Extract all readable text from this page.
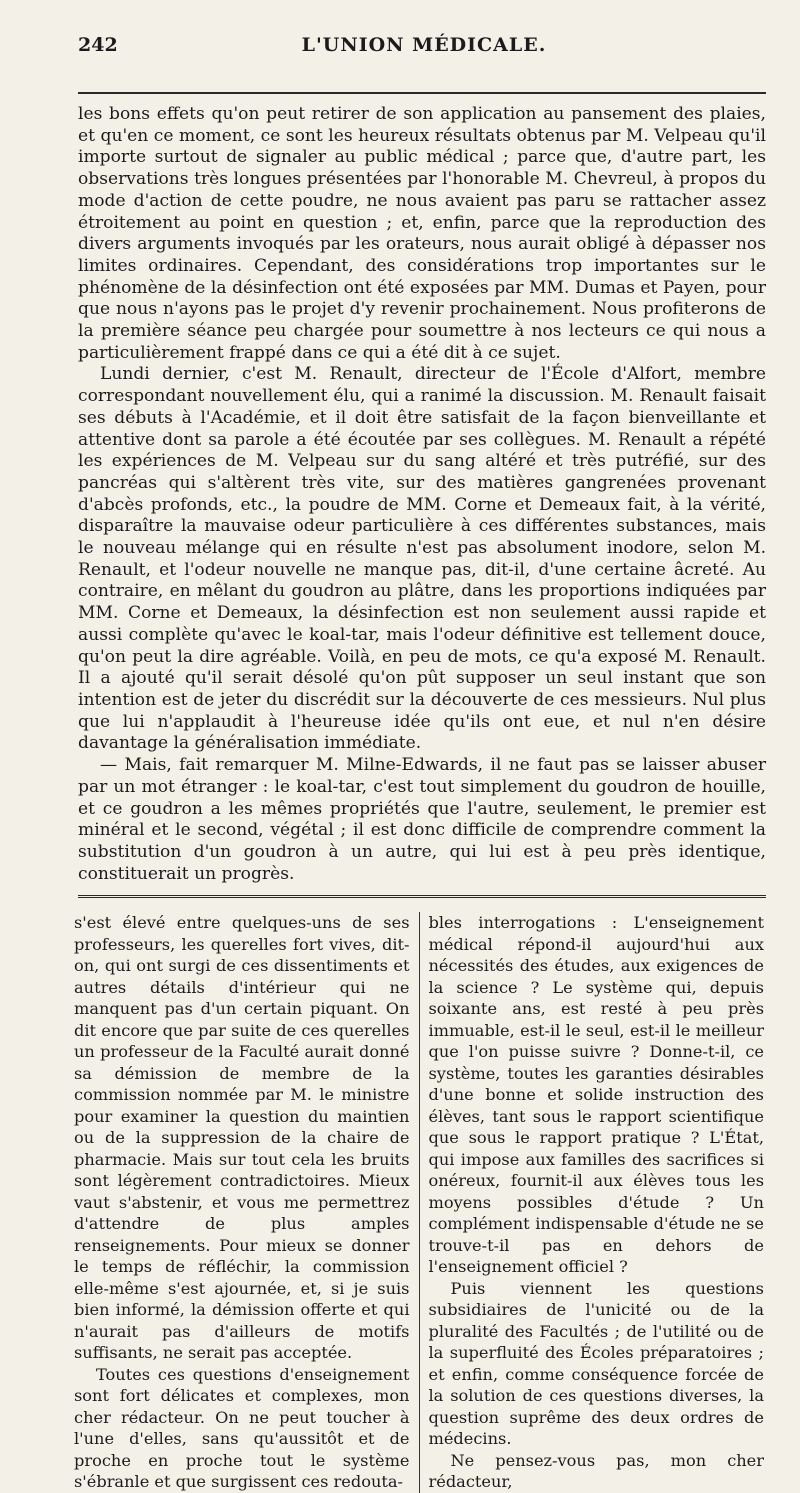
242	L'UNION MÉDICALE.

les bons effets qu'on peut retirer de son application au pansement des plaies, et qu'en ce moment, ce sont les heureux résultats obtenus par M. Velpeau qu'il importe surtout de signaler au public médical ; parce que, d'autre part, les observations très longues présentées par l'honorable M. Chevreul, à propos du mode d'action de cette poudre, ne nous avaient pas paru se rattacher assez étroitement au point en question ; et, enfin, parce que la reproduction des divers arguments invoqués par les orateurs, nous aurait obligé à dépasser nos limites ordinaires. Cependant, des considérations trop importantes sur le phénomène de la désinfection ont été exposées par MM. Dumas et Payen, pour que nous n'ayons pas le projet d'y revenir prochainement. Nous profiterons de la première séance peu chargée pour soumettre à nos lecteurs ce qui nous a particulièrement frappé dans ce qui a été dit à ce sujet.

Lundi dernier, c'est M. Renault, directeur de l'École d'Alfort, membre correspondant nouvellement élu, qui a ranimé la discussion. M. Renault faisait ses débuts à l'Académie, et il doit être satisfait de la façon bienveillante et attentive dont sa parole a été écoutée par ses collègues. M. Renault a répété les expériences de M. Velpeau sur du sang altéré et très putréfié, sur des pancréas qui s'altèrent très vite, sur des matières gangrenées provenant d'abcès profonds, etc., la poudre de MM. Corne et Demeaux fait, à la vérité, disparaître la mauvaise odeur particulière à ces différentes substances, mais le nouveau mélange qui en résulte n'est pas absolument inodore, selon M. Renault, et l'odeur nouvelle ne manque pas, dit-il, d'une certaine âcreté. Au contraire, en mêlant du goudron au plâtre, dans les proportions indiquées par MM. Corne et Demeaux, la désinfection est non seulement aussi rapide et aussi complète qu'avec le koal-tar, mais l'odeur définitive est tellement douce, qu'on peut la dire agréable. Voilà, en peu de mots, ce qu'a exposé M. Renault. Il a ajouté qu'il serait désolé qu'on pût supposer un seul instant que son intention est de jeter du discrédit sur la découverte de ces messieurs. Nul plus que lui n'applaudit à l'heureuse idée qu'ils ont eue, et nul n'en désire davantage la généralisation immédiate.

— Mais, fait remarquer M. Milne-Edwards, il ne faut pas se laisser abuser par un mot étranger : le koal-tar, c'est tout simplement du goudron de houille, et ce goudron a les mêmes propriétés que l'autre, seulement, le premier est minéral et le second, végétal ; il est donc difficile de comprendre comment la substitution d'un goudron à un autre, qui lui est à peu près identique, constituerait un progrès.

s'est élevé entre quelques-uns de ses professeurs, les querelles fort vives, dit-on, qui ont surgi de ces dissentiments et autres détails d'intérieur qui ne manquent pas d'un certain piquant. On dit encore que par suite de ces querelles un professeur de la Faculté aurait donné sa démission de membre de la commission nommée par M. le ministre pour examiner la question du maintien ou de la suppression de la chaire de pharmacie. Mais sur tout cela les bruits sont légèrement contradictoires. Mieux vaut s'abstenir, et vous me permettrez d'attendre de plus amples renseignements. Pour mieux se donner le temps de réfléchir, la commission elle-même s'est ajournée, et, si je suis bien informé, la démission offerte et qui n'aurait pas d'ailleurs de motifs suffisants, ne serait pas acceptée.

Toutes ces questions d'enseignement sont fort délicates et complexes, mon cher rédacteur. On ne peut toucher à l'une d'elles, sans qu'aussitôt et de proche en proche tout le système s'ébranle et que surgissent ces redouta-

bles interrogations : L'enseignement médical répond-il aujourd'hui aux nécessités des études, aux exigences de la science ? Le système qui, depuis soixante ans, est resté à peu près immuable, est-il le seul, est-il le meilleur que l'on puisse suivre ? Donne-t-il, ce système, toutes les garanties désirables d'une bonne et solide instruction des élèves, tant sous le rapport scientifique que sous le rapport pratique ? L'État, qui impose aux familles des sacrifices si onéreux, fournit-il aux élèves tous les moyens possibles d'étude ? Un complément indispensable d'étude ne se trouve-t-il pas en dehors de l'enseignement officiel ?

Puis viennent les questions subsidiaires de l'unicité ou de la pluralité des Facultés ; de l'utilité ou de la superfluité des Écoles préparatoires ; et enfin, comme conséquence forcée de la solution de ces questions diverses, la question suprême des deux ordres de médecins.

Ne pensez-vous pas, mon cher rédacteur,
